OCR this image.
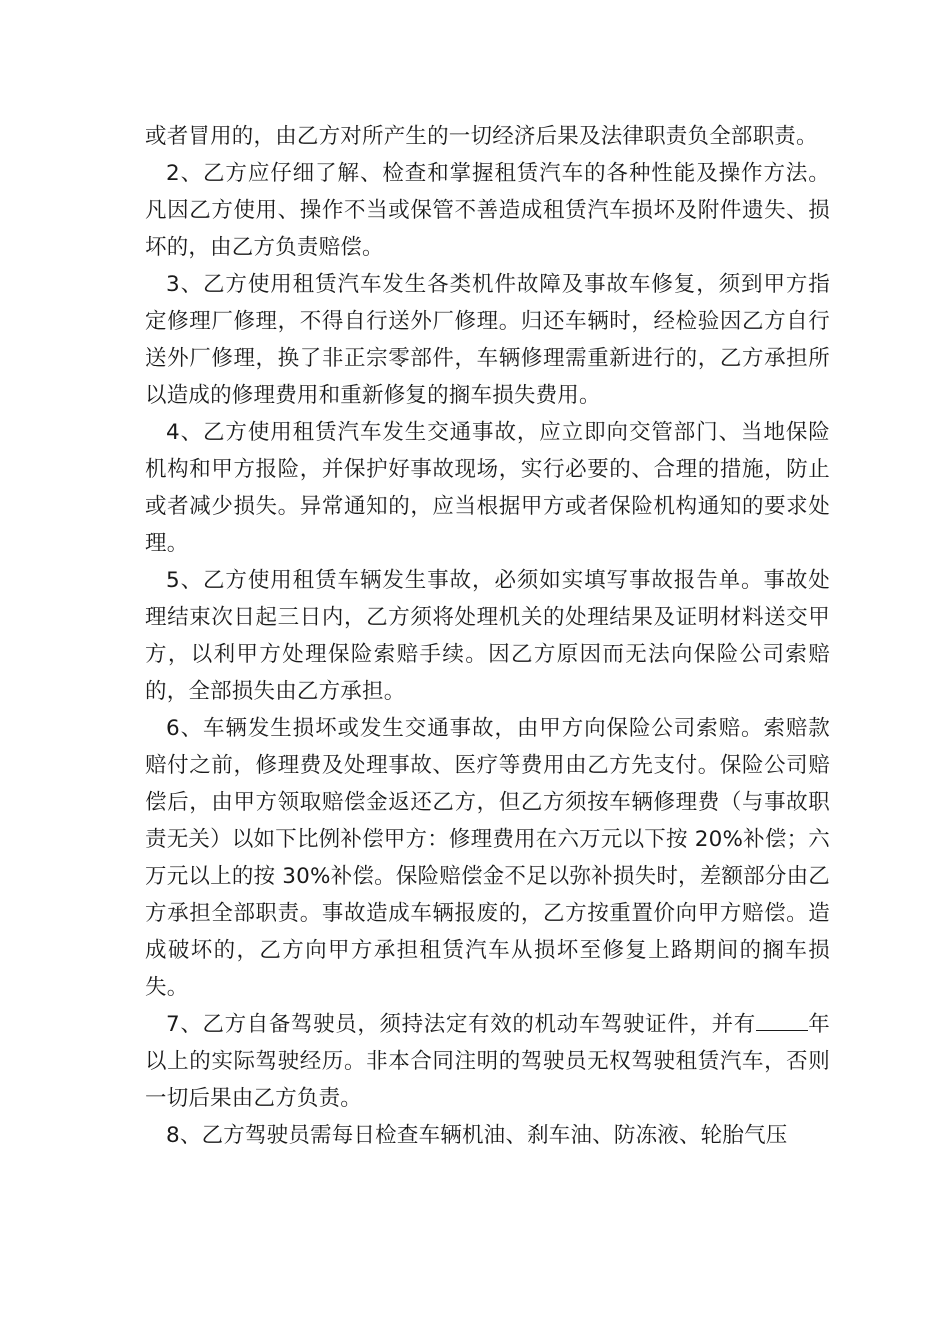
或者冒用的，由乙方对所产生的一切经济后果及法律职责负全部职责。

2、乙方应仔细了解、检查和掌握租赁汽车的各种性能及操作方法。凡因乙方使用、操作不当或保管不善造成租赁汽车损坏及附件遗失、损坏的，由乙方负责赔偿。

3、乙方使用租赁汽车发生各类机件故障及事故车修复，须到甲方指定修理厂修理，不得自行送外厂修理。归还车辆时，经检验因乙方自行送外厂修理，换了非正宗零部件，车辆修理需重新进行的，乙方承担所以造成的修理费用和重新修复的搁车损失费用。

4、乙方使用租赁汽车发生交通事故，应立即向交管部门、当地保险机构和甲方报险，并保护好事故现场，实行必要的、合理的措施，防止或者减少损失。异常通知的，应当根据甲方或者保险机构通知的要求处理。

5、乙方使用租赁车辆发生事故，必须如实填写事故报告单。事故处理结束次日起三日内，乙方须将处理机关的处理结果及证明材料送交甲方，以利甲方处理保险索赔手续。因乙方原因而无法向保险公司索赔的，全部损失由乙方承担。

6、车辆发生损坏或发生交通事故，由甲方向保险公司索赔。索赔款赔付之前，修理费及处理事故、医疗等费用由乙方先支付。保险公司赔偿后，由甲方领取赔偿金返还乙方，但乙方须按车辆修理费（与事故职责无关）以如下比例补偿甲方：修理费用在六万元以下按 20%补偿；六万元以上的按 30%补偿。保险赔偿金不足以弥补损失时，差额部分由乙方承担全部职责。事故造成车辆报废的，乙方按重置价向甲方赔偿。造成破坏的，乙方向甲方承担租赁汽车从损坏至修复上路期间的搁车损失。

7、乙方自备驾驶员，须持法定有效的机动车驾驶证件，并有 年以上的实际驾驶经历。非本合同注明的驾驶员无权驾驶租赁汽车，否则一切后果由乙方负责。

8、乙方驾驶员需每日检查车辆机油、刹车油、防冻液、轮胎气压
